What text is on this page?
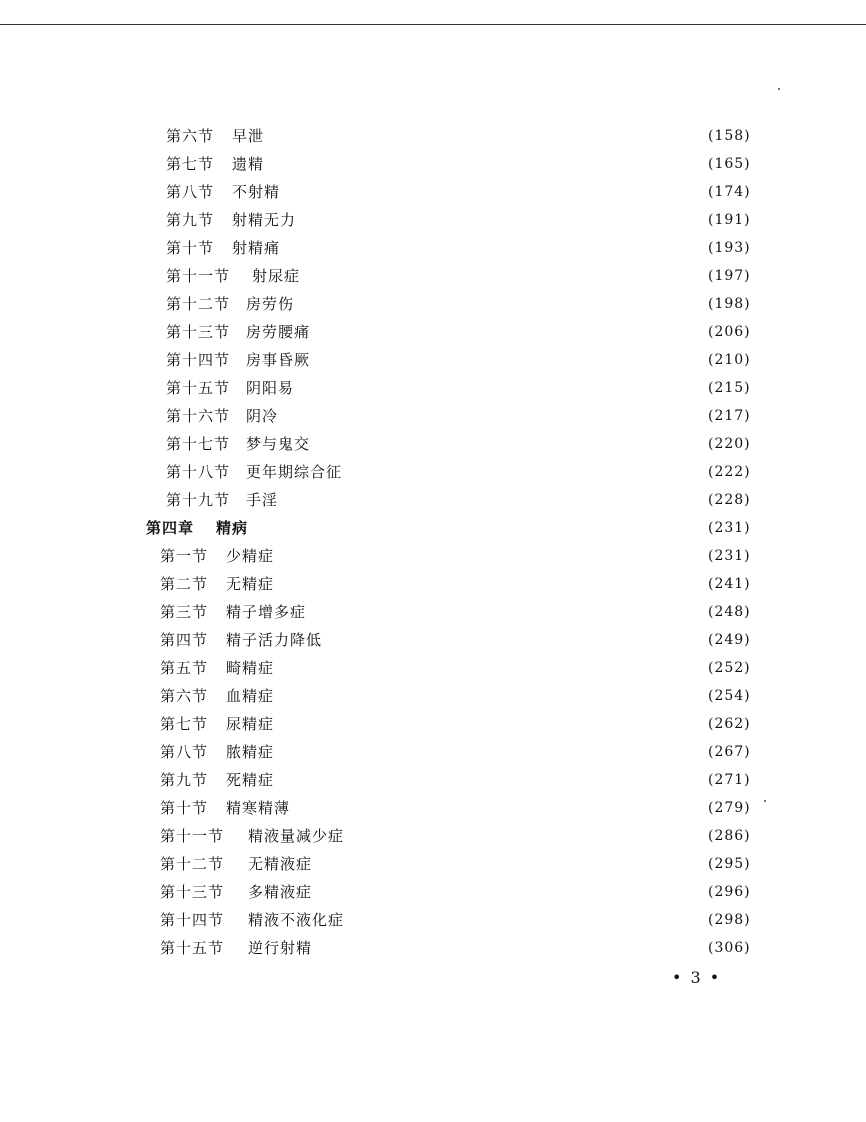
第六节 早泄	(158)
第七节 遗精	(165)
第八节 不射精	(174)
第九节 射精无力	(191)
第十节 射精痛	(193)
第十一节 射尿症	(197)
第十二节 房劳伤	(198)
第十三节 房劳腰痛	(206)
第十四节 房事昏厥	(210)
第十五节 阴阳易	(215)
第十六节 阴冷	(217)
第十七节 梦与鬼交	(220)
第十八节 更年期综合征	(222)
第十九节 手淫	(228)
第四章 精病	(231)
第一节 少精症	(231)
第二节 无精症	(241)
第三节 精子增多症	(248)
第四节 精子活力降低	(249)
第五节 畸精症	(252)
第六节 血精症	(254)
第七节 尿精症	(262)
第八节 脓精症	(267)
第九节 死精症	(271)
第十节 精寒精薄	(279)
第十一节 精液量减少症	(286)
第十二节 无精液症	(295)
第十三节 多精液症	(296)
第十四节 精液不液化症	(298)
第十五节 逆行射精	(306)
• 3 •
